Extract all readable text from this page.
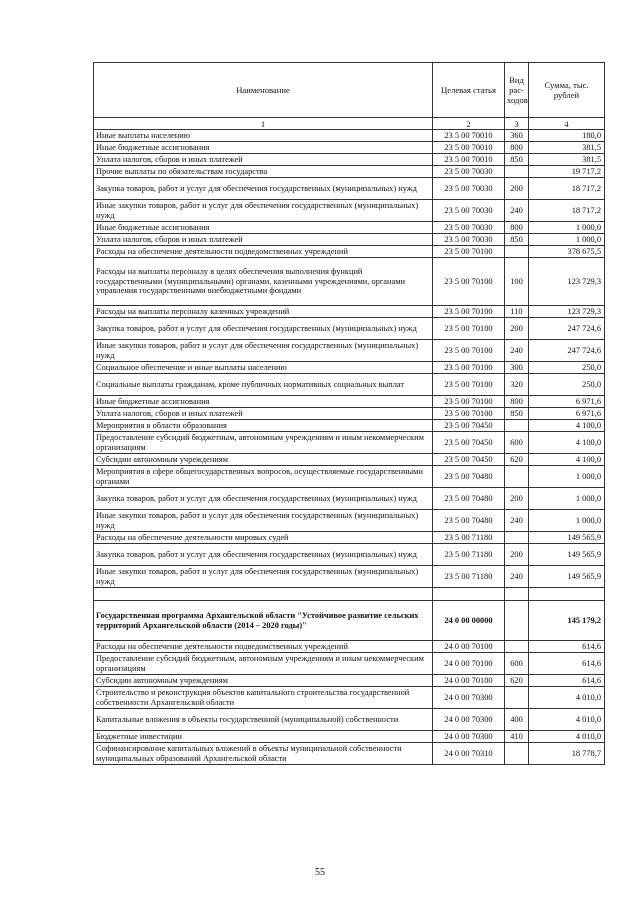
Наименование	Целевая статья	Вид рас-ходов	Сумма, тыс. рублей
1	2	3	4
Иные выплаты населению	23 5 00 70010	360	180,0
Иные бюджетные ассигнования	23 5 00 70010	800	381,5
Уплата налогов, сборов и иных платежей	23 5 00 70010	850	381,5
Прочие выплаты по обязательствам государства	23 5 00 70030		19 717,2
Закупка товаров, работ и услуг для обеспечения государственных (муниципальных) нужд	23 5 00 70030	200	18 717,2
Иные закупки товаров, работ и услуг для обеспечения государственных (муниципальных) нужд	23 5 00 70030	240	18 717,2
Иные бюджетные ассигнования	23 5 00 70030	800	1 000,0
Уплата налогов, сборов и иных платежей	23 5 00 70030	850	1 000,0
Расходы на обеспечение деятельности подведомственных учреждений	23 5 00 70100		378 675,5
Расходы на выплаты персоналу в целях обеспечения выполнения функций государственными (муниципальными) органами, казенными учреждениями, органами управления государственными внебюджетными фондами	23 5 00 70100	100	123 729,3
Расходы на выплаты персоналу казенных учреждений	23 5 00 70100	110	123 729,3
Закупка товаров, работ и услуг для обеспечения государственных (муниципальных) нужд	23 5 00 70100	200	247 724,6
Иные закупки товаров, работ и услуг для обеспечения государственных (муниципальных) нужд	23 5 00 70100	240	247 724,6
Социальное обеспечение и иные выплаты населению	23 5 00 70100	300	250,0
Социальные выплаты гражданам, кроме публичных нормативных социальных выплат	23 5 00 70100	320	250,0
Иные бюджетные ассигнования	23 5 00 70100	800	6 971,6
Уплата налогов, сборов и иных платежей	23 5 00 70100	850	6 971,6
Мероприятия в области образования	23 5 00 70450		4 100,0
Предоставление субсидий бюджетным, автономным учреждениям и иным некоммерческим организациям	23 5 00 70450	600	4 100,0
Субсидии автономным учреждениям	23 5 00 70450	620	4 100,0
Мероприятия в сфере общегосударственных вопросов, осуществляемые государственными органами	23 5 00 70480		1 000,0
Закупка товаров, работ и услуг для обеспечения государственных (муниципальных) нужд	23 5 00 70480	200	1 000,0
Иные закупки товаров, работ и услуг для обеспечения государственных (муниципальных) нужд	23 5 00 70480	240	1 000,0
Расходы на обеспечение деятельности мировых судей	23 5 00 71180		149 565,9
Закупка товаров, работ и услуг для обеспечения государственных (муниципальных) нужд	23 5 00 71180	200	149 565,9
Иные закупки товаров, работ и услуг для обеспечения государственных (муниципальных) нужд	23 5 00 71180	240	149 565,9

Государственная программа Архангельской области "Устойчивое развитие сельских территорий Архангельской области (2014 – 2020 годы)"	24 0 00 00000		145 179,2
Расходы на обеспечение деятельности подведомственных учреждений	24 0 00 70100		614,6
Предоставление субсидий бюджетным, автономным учреждениям и иным некоммерческим организациям	24 0 00 70100	600	614,6
Субсидии автономным учреждениям	24 0 00 70100	620	614,6
Строительство и реконструкция объектов капитального строительства государственной собственности Архангельской области	24 0 00 70300		4 010,0
Капитальные вложения в объекты государственной (муниципальной) собственности	24 0 00 70300	400	4 010,0
Бюджетные инвестиции	24 0 00 70300	410	4 010,0
Софинансирование капитальных вложений в объекты муниципальной собственности муниципальных образований Архангельской области	24 0 00 70310		18 778,7
55
